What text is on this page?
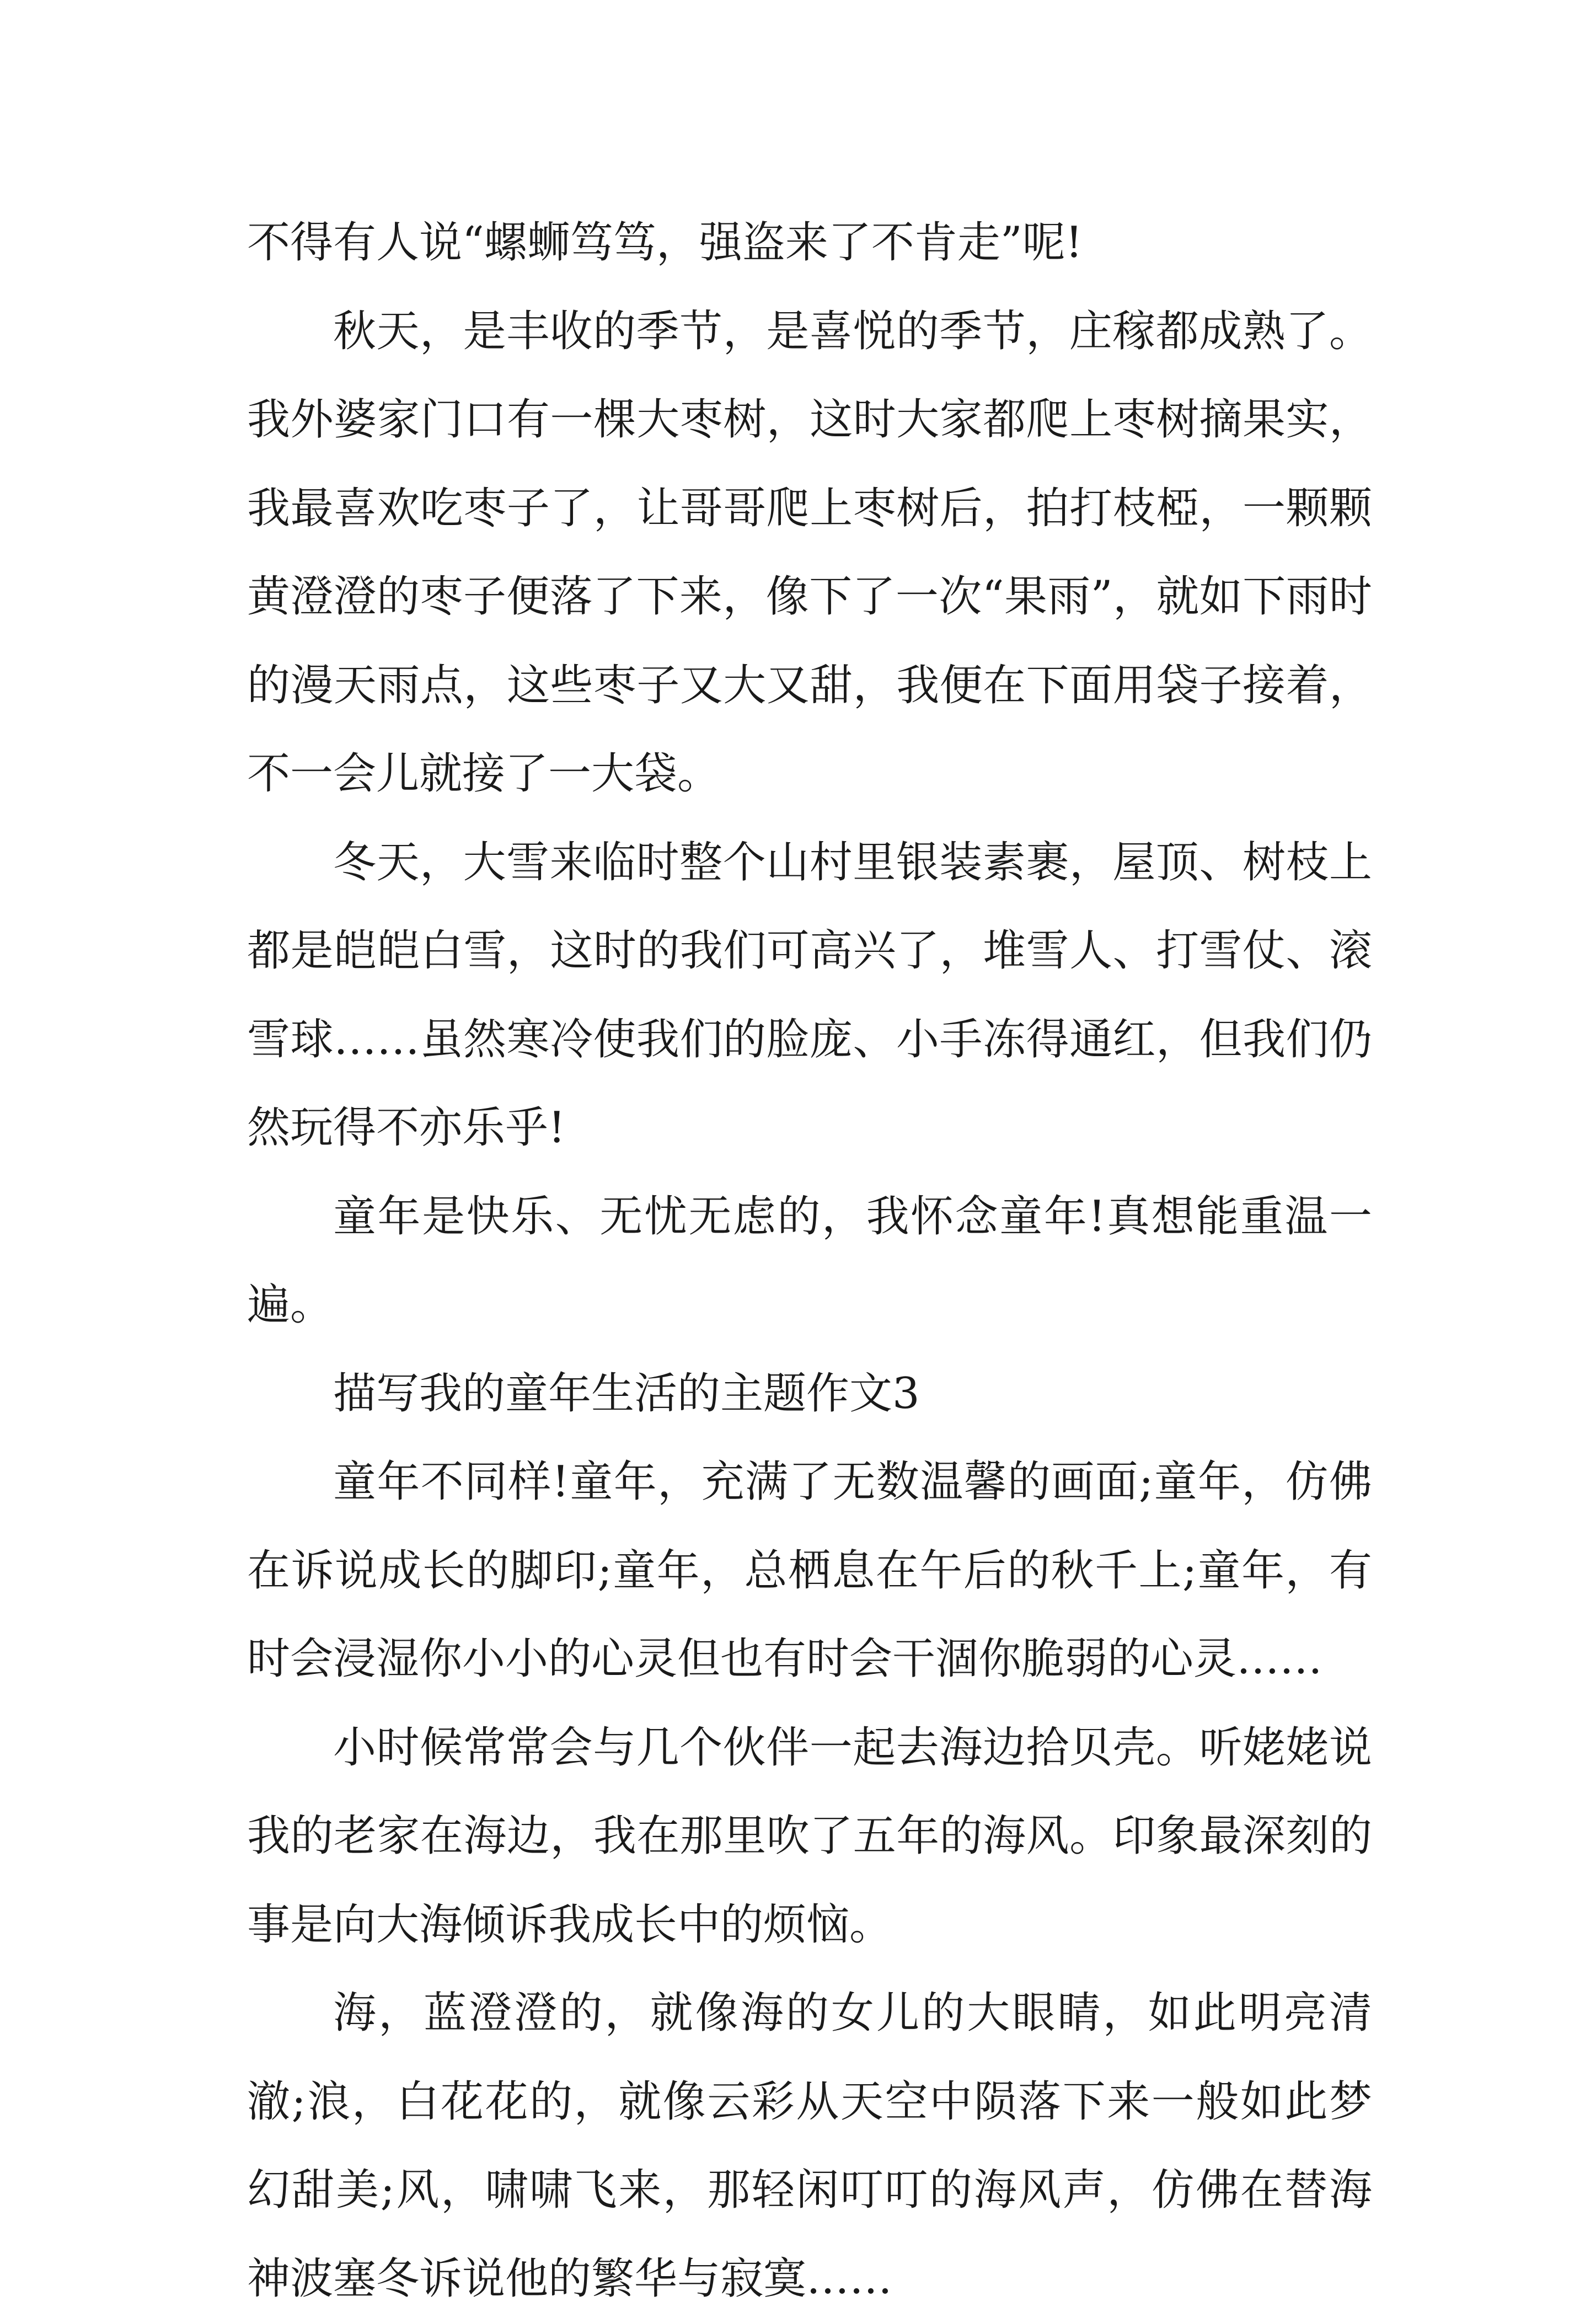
不得有人说“螺蛳笃笃，强盗来了不肯走”呢!

秋天，是丰收的季节，是喜悦的季节，庄稼都成熟了。我外婆家门口有一棵大枣树，这时大家都爬上枣树摘果实，我最喜欢吃枣子了，让哥哥爬上枣树后，拍打枝椏，一颗颗黄澄澄的枣子便落了下来，像下了一次“果雨”，就如下雨时的漫天雨点，这些枣子又大又甜，我便在下面用袋子接着，不一会儿就接了一大袋。

冬天，大雪来临时整个山村里银装素裹，屋顶、树枝上都是皑皑白雪，这时的我们可高兴了，堆雪人、打雪仗、滚雪球……虽然寒冷使我们的脸庞、小手冻得通红，但我们仍然玩得不亦乐乎!

童年是快乐、无忧无虑的，我怀念童年!真想能重温一遍。

描写我的童年生活的主题作文3

童年不同样!童年，充满了无数温馨的画面;童年，仿佛在诉说成长的脚印;童年，总栖息在午后的秋千上;童年，有时会浸湿你小小的心灵但也有时会干涸你脆弱的心灵……

小时候常常会与几个伙伴一起去海边拾贝壳。听姥姥说我的老家在海边，我在那里吹了五年的海风。印象最深刻的事是向大海倾诉我成长中的烦恼。

海，蓝澄澄的，就像海的女儿的大眼睛，如此明亮清澈;浪，白花花的，就像云彩从天空中陨落下来一般如此梦幻甜美;风，啸啸飞来，那轻闲叮叮的海风声，仿佛在替海神波塞冬诉说他的繁华与寂寞……
